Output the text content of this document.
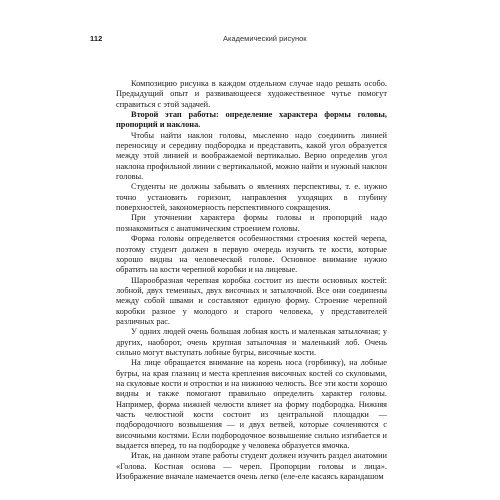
112	Академический рисунок

Композицию рисунка в каждом отдельном случае надо решать особо. Предыдущий опыт и развивающееся художественное чутье помогут справиться с этой задачей.

Второй этап работы: определение характера формы головы, пропорций и наклона.

Чтобы найти наклон головы, мысленно надо соединить линией переносицу и середину подбородка и представить, какой угол образуется между этой линией и воображаемой вертикалью. Верно определив угол наклона профильной линии с вертикальной, можно найти и нужный наклон головы.

Студенты не должны забывать о явлениях перспективы, т. е. нужно точно установить горизонт, направления уходящих в глубину поверхностей, закономерность перспективного сокращения.

При уточнении характера формы головы и пропорций надо познакомиться с анатомическим строением головы.

Форма головы определяется особенностями строения костей черепа, поэтому студент должен в первую очередь изучить те кости, которые хорошо видны на человеческой голове. Основное внимание нужно обратить на кости черепной коробки и на лицевые.

Шарообразная черепная коробка состоит из шести основных костей: лобной, двух теменных, двух височных и затылочной. Все они соединены между собой швами и составляют единую форму. Строение черепной коробки разное у молодого и старого человека, у представителей различных рас.

У одних людей очень большая лобная кость и маленькая затылочная; у других, наоборот, очень крупная затылочная и маленький лоб. Очень сильно могут выступать лобные бугры, височные кости.

На лице обращается внимание на корень носа (горбинку), на лобные бугры, на края глазниц и места крепления височных костей со скуловыми, на скуловые кости и отростки и на нижнюю челюсть. Все эти кости хорошо видны и также помогают правильно определить характер головы. Например, форма нижней челюсти влияет на форму подбородка. Нижняя часть челюстной кости состоит из центральной площадки — подбородочного возвышения — и двух ветвей, которые сочленяются с височными костями. Если подбородочное возвышение сильно изгибается и выдается вперед, то на подбородке у человека образуется ямочка.

Итак, на данном этапе работы студент должен изучить раздел анатомии «Голова. Костная основа — череп. Пропорции головы и лица». Изображение вначале намечается очень легко (еле-еле касаясь карандашом
